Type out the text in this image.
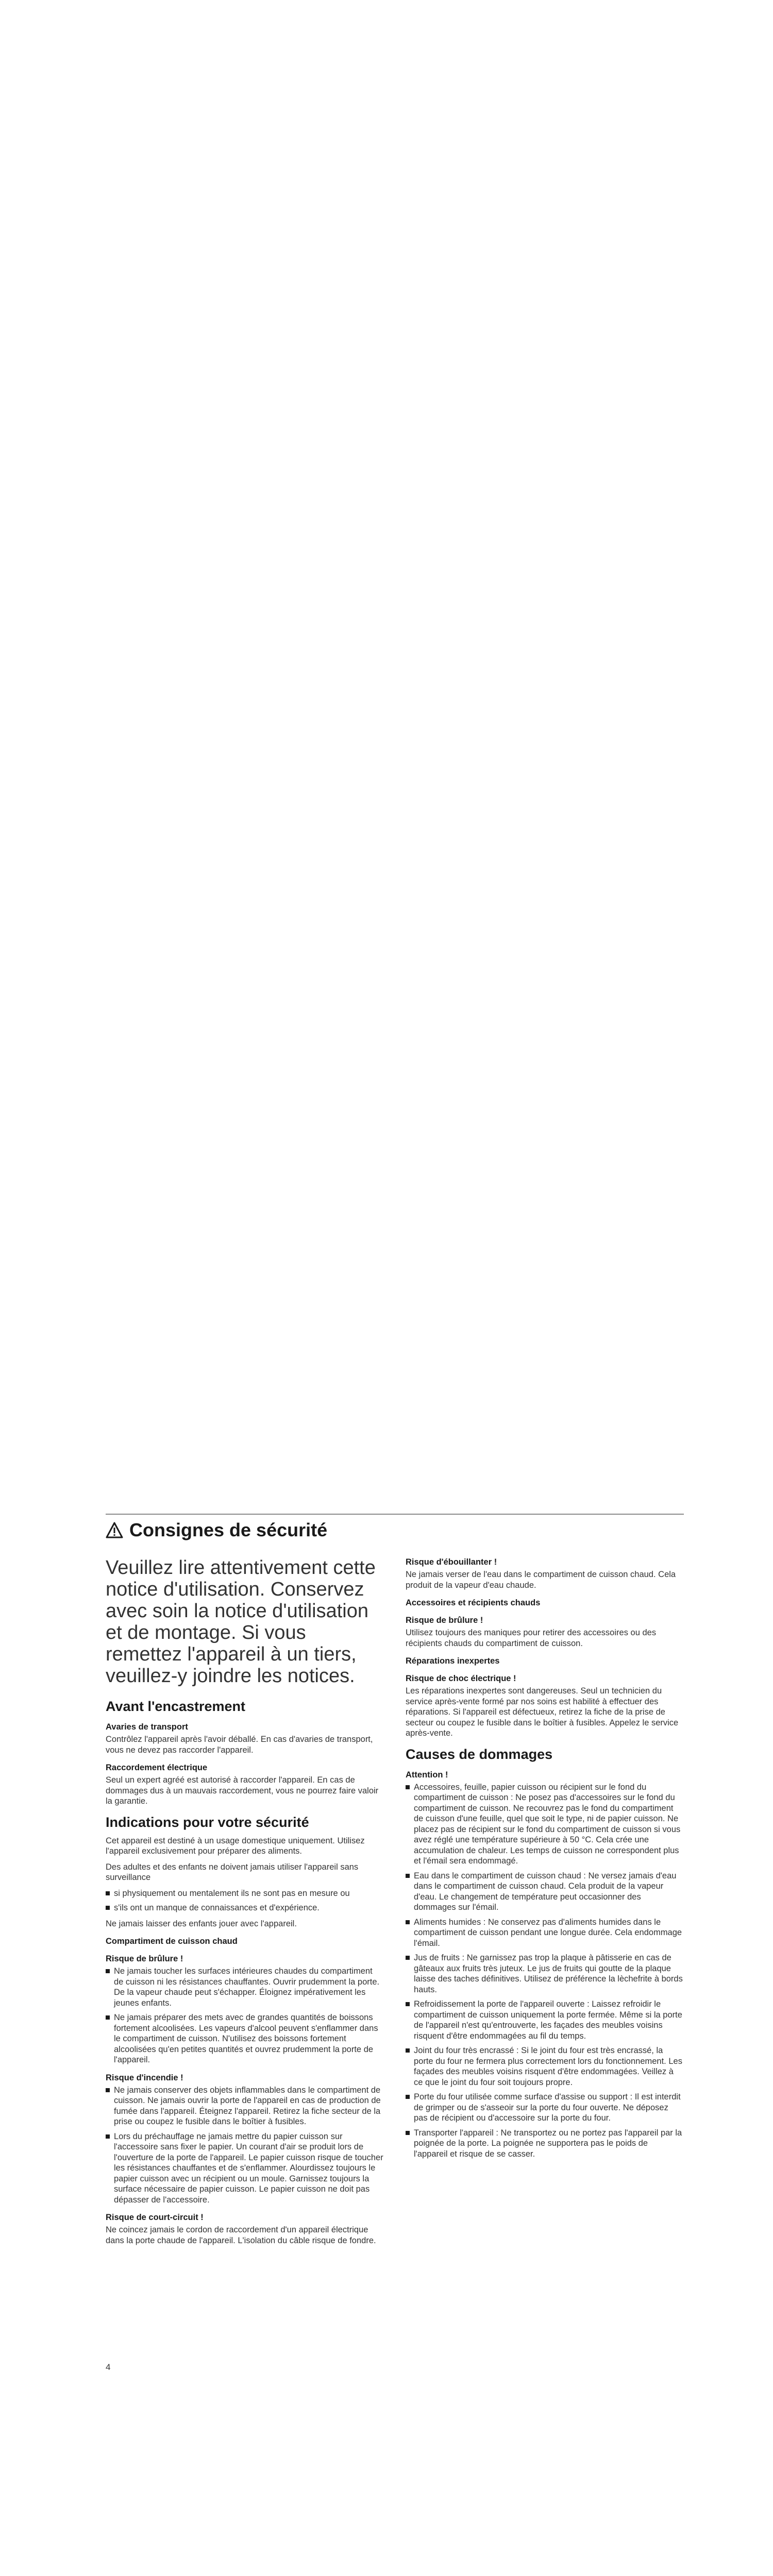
Consignes de sécurité

Veuillez lire attentivement cette notice d'utilisation. Conservez avec soin la notice d'utilisation et de montage. Si vous remettez l'appareil à un tiers, veuillez-y joindre les notices.

Avant l'encastrement
Avaries de transport

Contrôlez l'appareil après l'avoir déballé. En cas d'avaries de transport, vous ne devez pas raccorder l'appareil.

Raccordement électrique

Seul un expert agréé est autorisé à raccorder l'appareil. En cas de dommages dus à un mauvais raccordement, vous ne pourrez faire valoir la garantie.

Indications pour votre sécurité

Cet appareil est destiné à un usage domestique uniquement. Utilisez l'appareil exclusivement pour préparer des aliments.

Des adultes et des enfants ne doivent jamais utiliser l'appareil sans surveillance

si physiquement ou mentalement ils ne sont pas en mesure ou
s'ils ont un manque de connaissances et d'expérience.

Ne jamais laisser des enfants jouer avec l'appareil.

Compartiment de cuisson chaud
Risque de brûlure !
Ne jamais toucher les surfaces intérieures chaudes du compartiment de cuisson ni les résistances chauffantes. Ouvrir prudemment la porte. De la vapeur chaude peut s'échapper. Éloignez impérativement les jeunes enfants.
Ne jamais préparer des mets avec de grandes quantités de boissons fortement alcoolisées. Les vapeurs d'alcool peuvent s'enflammer dans le compartiment de cuisson. N'utilisez des boissons fortement alcoolisées qu'en petites quantités et ouvrez prudemment la porte de l'appareil.
Risque d'incendie !
Ne jamais conserver des objets inflammables dans le compartiment de cuisson. Ne jamais ouvrir la porte de l'appareil en cas de production de fumée dans l'appareil. Éteignez l'appareil. Retirez la fiche secteur de la prise ou coupez le fusible dans le boîtier à fusibles.
Lors du préchauffage ne jamais mettre du papier cuisson sur l'accessoire sans fixer le papier. Un courant d'air se produit lors de l'ouverture de la porte de l'appareil. Le papier cuisson risque de toucher les résistances chauffantes et de s'enflammer. Alourdissez toujours le papier cuisson avec un récipient ou un moule. Garnissez toujours la surface nécessaire de papier cuisson. Le papier cuisson ne doit pas dépasser de l'accessoire.
Risque de court-circuit !

Ne coincez jamais le cordon de raccordement d'un appareil électrique dans la porte chaude de l'appareil. L'isolation du câble risque de fondre.

Risque d'ébouillanter !

Ne jamais verser de l'eau dans le compartiment de cuisson chaud. Cela produit de la vapeur d'eau chaude.

Accessoires et récipients chauds
Risque de brûlure !

Utilisez toujours des maniques pour retirer des accessoires ou des récipients chauds du compartiment de cuisson.

Réparations inexpertes
Risque de choc électrique !

Les réparations inexpertes sont dangereuses. Seul un technicien du service après-vente formé par nos soins est habilité à effectuer des réparations. Si l'appareil est défectueux, retirez la fiche de la prise de secteur ou coupez le fusible dans le boîtier à fusibles. Appelez le service après-vente.

Causes de dommages
Attention !
Accessoires, feuille, papier cuisson ou récipient sur le fond du compartiment de cuisson : Ne posez pas d'accessoires sur le fond du compartiment de cuisson. Ne recouvrez pas le fond du compartiment de cuisson d'une feuille, quel que soit le type, ni de papier cuisson. Ne placez pas de récipient sur le fond du compartiment de cuisson si vous avez réglé une température supérieure à 50 °C. Cela crée une accumulation de chaleur. Les temps de cuisson ne correspondent plus et l'émail sera endommagé.
Eau dans le compartiment de cuisson chaud : Ne versez jamais d'eau dans le compartiment de cuisson chaud. Cela produit de la vapeur d'eau. Le changement de température peut occasionner des dommages sur l'émail.
Aliments humides : Ne conservez pas d'aliments humides dans le compartiment de cuisson pendant une longue durée. Cela endommage l'émail.
Jus de fruits : Ne garnissez pas trop la plaque à pâtisserie en cas de gâteaux aux fruits très juteux. Le jus de fruits qui goutte de la plaque laisse des taches définitives. Utilisez de préférence la lèchefrite à bords hauts.
Refroidissement la porte de l'appareil ouverte : Laissez refroidir le compartiment de cuisson uniquement la porte fermée. Même si la porte de l'appareil n'est qu'entrouverte, les façades des meubles voisins risquent d'être endommagées au fil du temps.
Joint du four très encrassé : Si le joint du four est très encrassé, la porte du four ne fermera plus correctement lors du fonctionnement. Les façades des meubles voisins risquent d'être endommagées. Veillez à ce que le joint du four soit toujours propre.
Porte du four utilisée comme surface d'assise ou support : Il est interdit de grimper ou de s'asseoir sur la porte du four ouverte. Ne déposez pas de récipient ou d'accessoire sur la porte du four.
Transporter l'appareil : Ne transportez ou ne portez pas l'appareil par la poignée de la porte. La poignée ne supportera pas le poids de l'appareil et risque de se casser.
4
